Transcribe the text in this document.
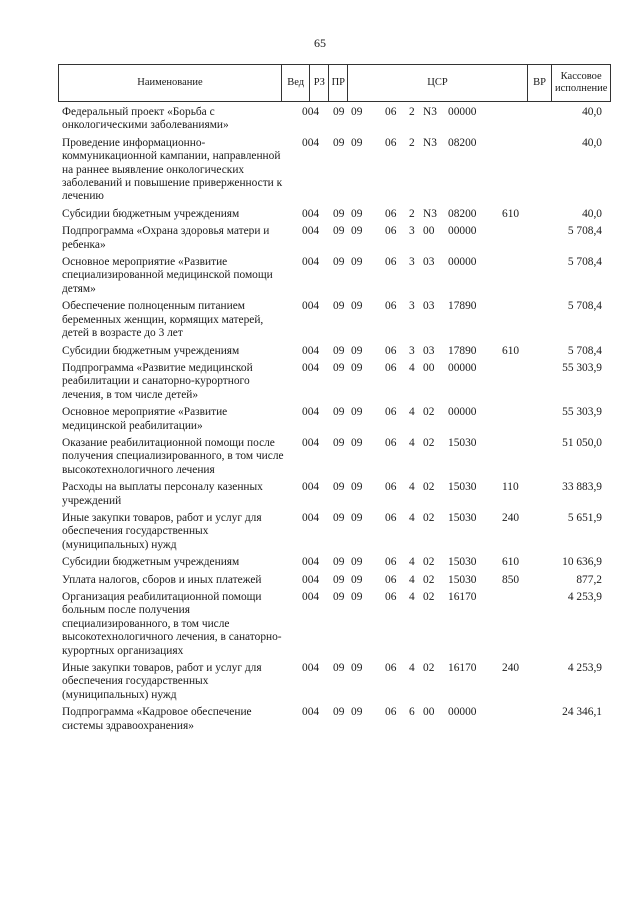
65
Наименование	Вед РЗ ПР	ЦСР	ВР
Кассовое исполнение
Федеральный проект «Борьба с онкологическими заболеваниями»
004 09 09 06 2 N3 00000	40,0
Проведение информационно-коммуникационной кампании, направленной на раннее выявление онкологических заболеваний и повышение приверженности к лечению
004 09 09 06 2 N3 08200	40,0
Субсидии бюджетным учреждениям	004 09 09 06 2 N3 08200 610	40,0
Подпрограмма «Охрана здоровья матери и ребенка»
004 09 09 06 3 00 00000	5 708,4
Основное мероприятие «Развитие специализированной медицинской помощи детям»
004 09 09 06 3 03 00000	5 708,4
Обеспечение полноценным питанием беременных женщин, кормящих матерей, детей в возрасте до 3 лет
004 09 09 06 3 03 17890	5 708,4
Субсидии бюджетным учреждениям	004 09 09 06 3 03 17890 610	5 708,4
Подпрограмма «Развитие медицинской реабилитации и санаторно-курортного лечения, в том числе детей»
004 09 09 06 4 00 00000	55 303,9
Основное мероприятие «Развитие медицинской реабилитации»
004 09 09 06 4 02 00000	55 303,9
Оказание реабилитационной помощи после получения специализированного, в том числе высокотехнологичного лечения
004 09 09 06 4 02 15030	51 050,0
Расходы на выплаты персоналу казенных учреждений
004 09 09 06 4 02 15030 110	33 883,9
Иные закупки товаров, работ и услуг для обеспечения государственных (муниципальных) нужд
004 09 09 06 4 02 15030 240	5 651,9
Субсидии бюджетным учреждениям	004 09 09 06 4 02 15030 610	10 636,9
Уплата налогов, сборов и иных платежей	004 09 09 06 4 02 15030 850	877,2
Организация реабилитационной помощи больным после получения специализированного, в том числе высокотехнологичного лечения, в санаторно-курортных организациях
004 09 09 06 4 02 16170	4 253,9
Иные закупки товаров, работ и услуг для обеспечения государственных (муниципальных) нужд
004 09 09 06 4 02 16170 240	4 253,9
Подпрограмма «Кадровое обеспечение системы здравоохранения»
004 09 09 06 6 00 00000	24 346,1
